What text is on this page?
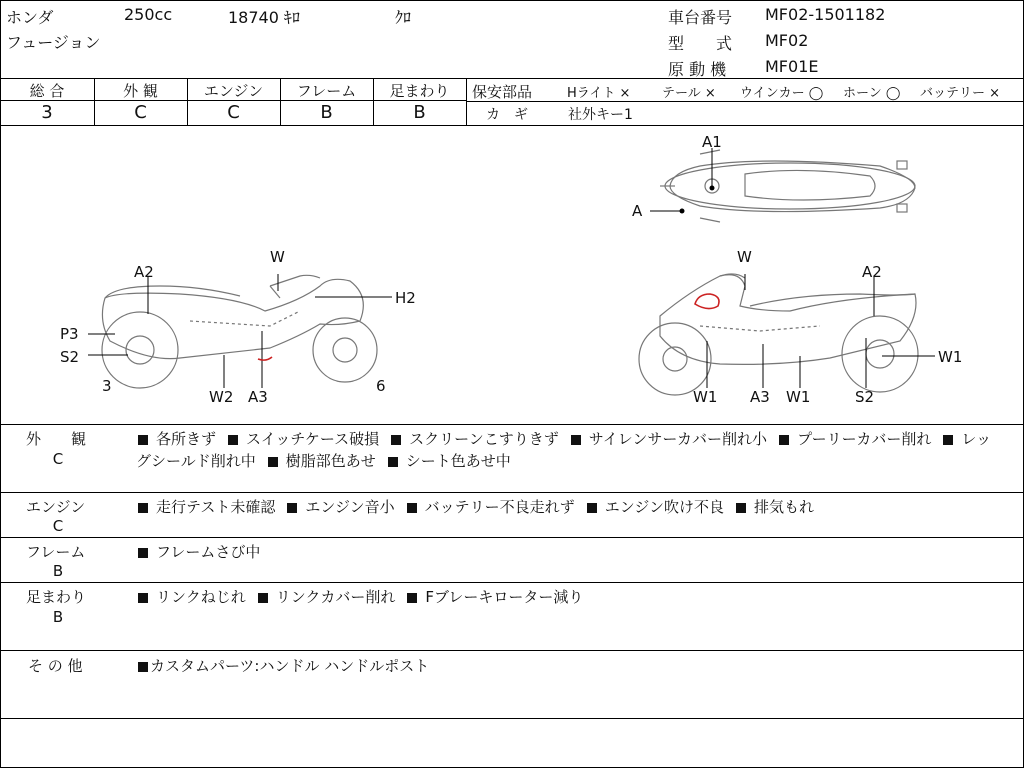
ホンダ	250cc	18740 ｷﾛ	ｸﾛ
フュージョン
車台番号 MF02-1501182
型　　式 MF02
原 動 機 MF01E
総 合	外 観	エンジン	フレーム	足まわり
3	C	C	B	B
保安部品	Hライト × テール × ウインカー ◯ ホーン ◯ バッテリー ×
カ　ギ	社外キー1
A1
A
A2
W
H2
P3
S2
3
W2 A3
6
W
A2
W1
W1 A3 W1	S2
外　　観
C
各所きず スイッチケース破損 スクリーンこすりきず サイレンサーカバー削れ小 プーリーカバー削れ レッグシールド削れ中 樹脂部色あせ シート色あせ中
エンジン
C
走行テスト未確認 エンジン音小 バッテリー不良走れず エンジン吹け不良 排気もれ
フレーム
B
フレームさび中
足まわり
B
リンクねじれ リンクカバー削れ Fブレーキローター減り
そ の 他	カスタムパーツ:ハンドル ハンドルポスト
